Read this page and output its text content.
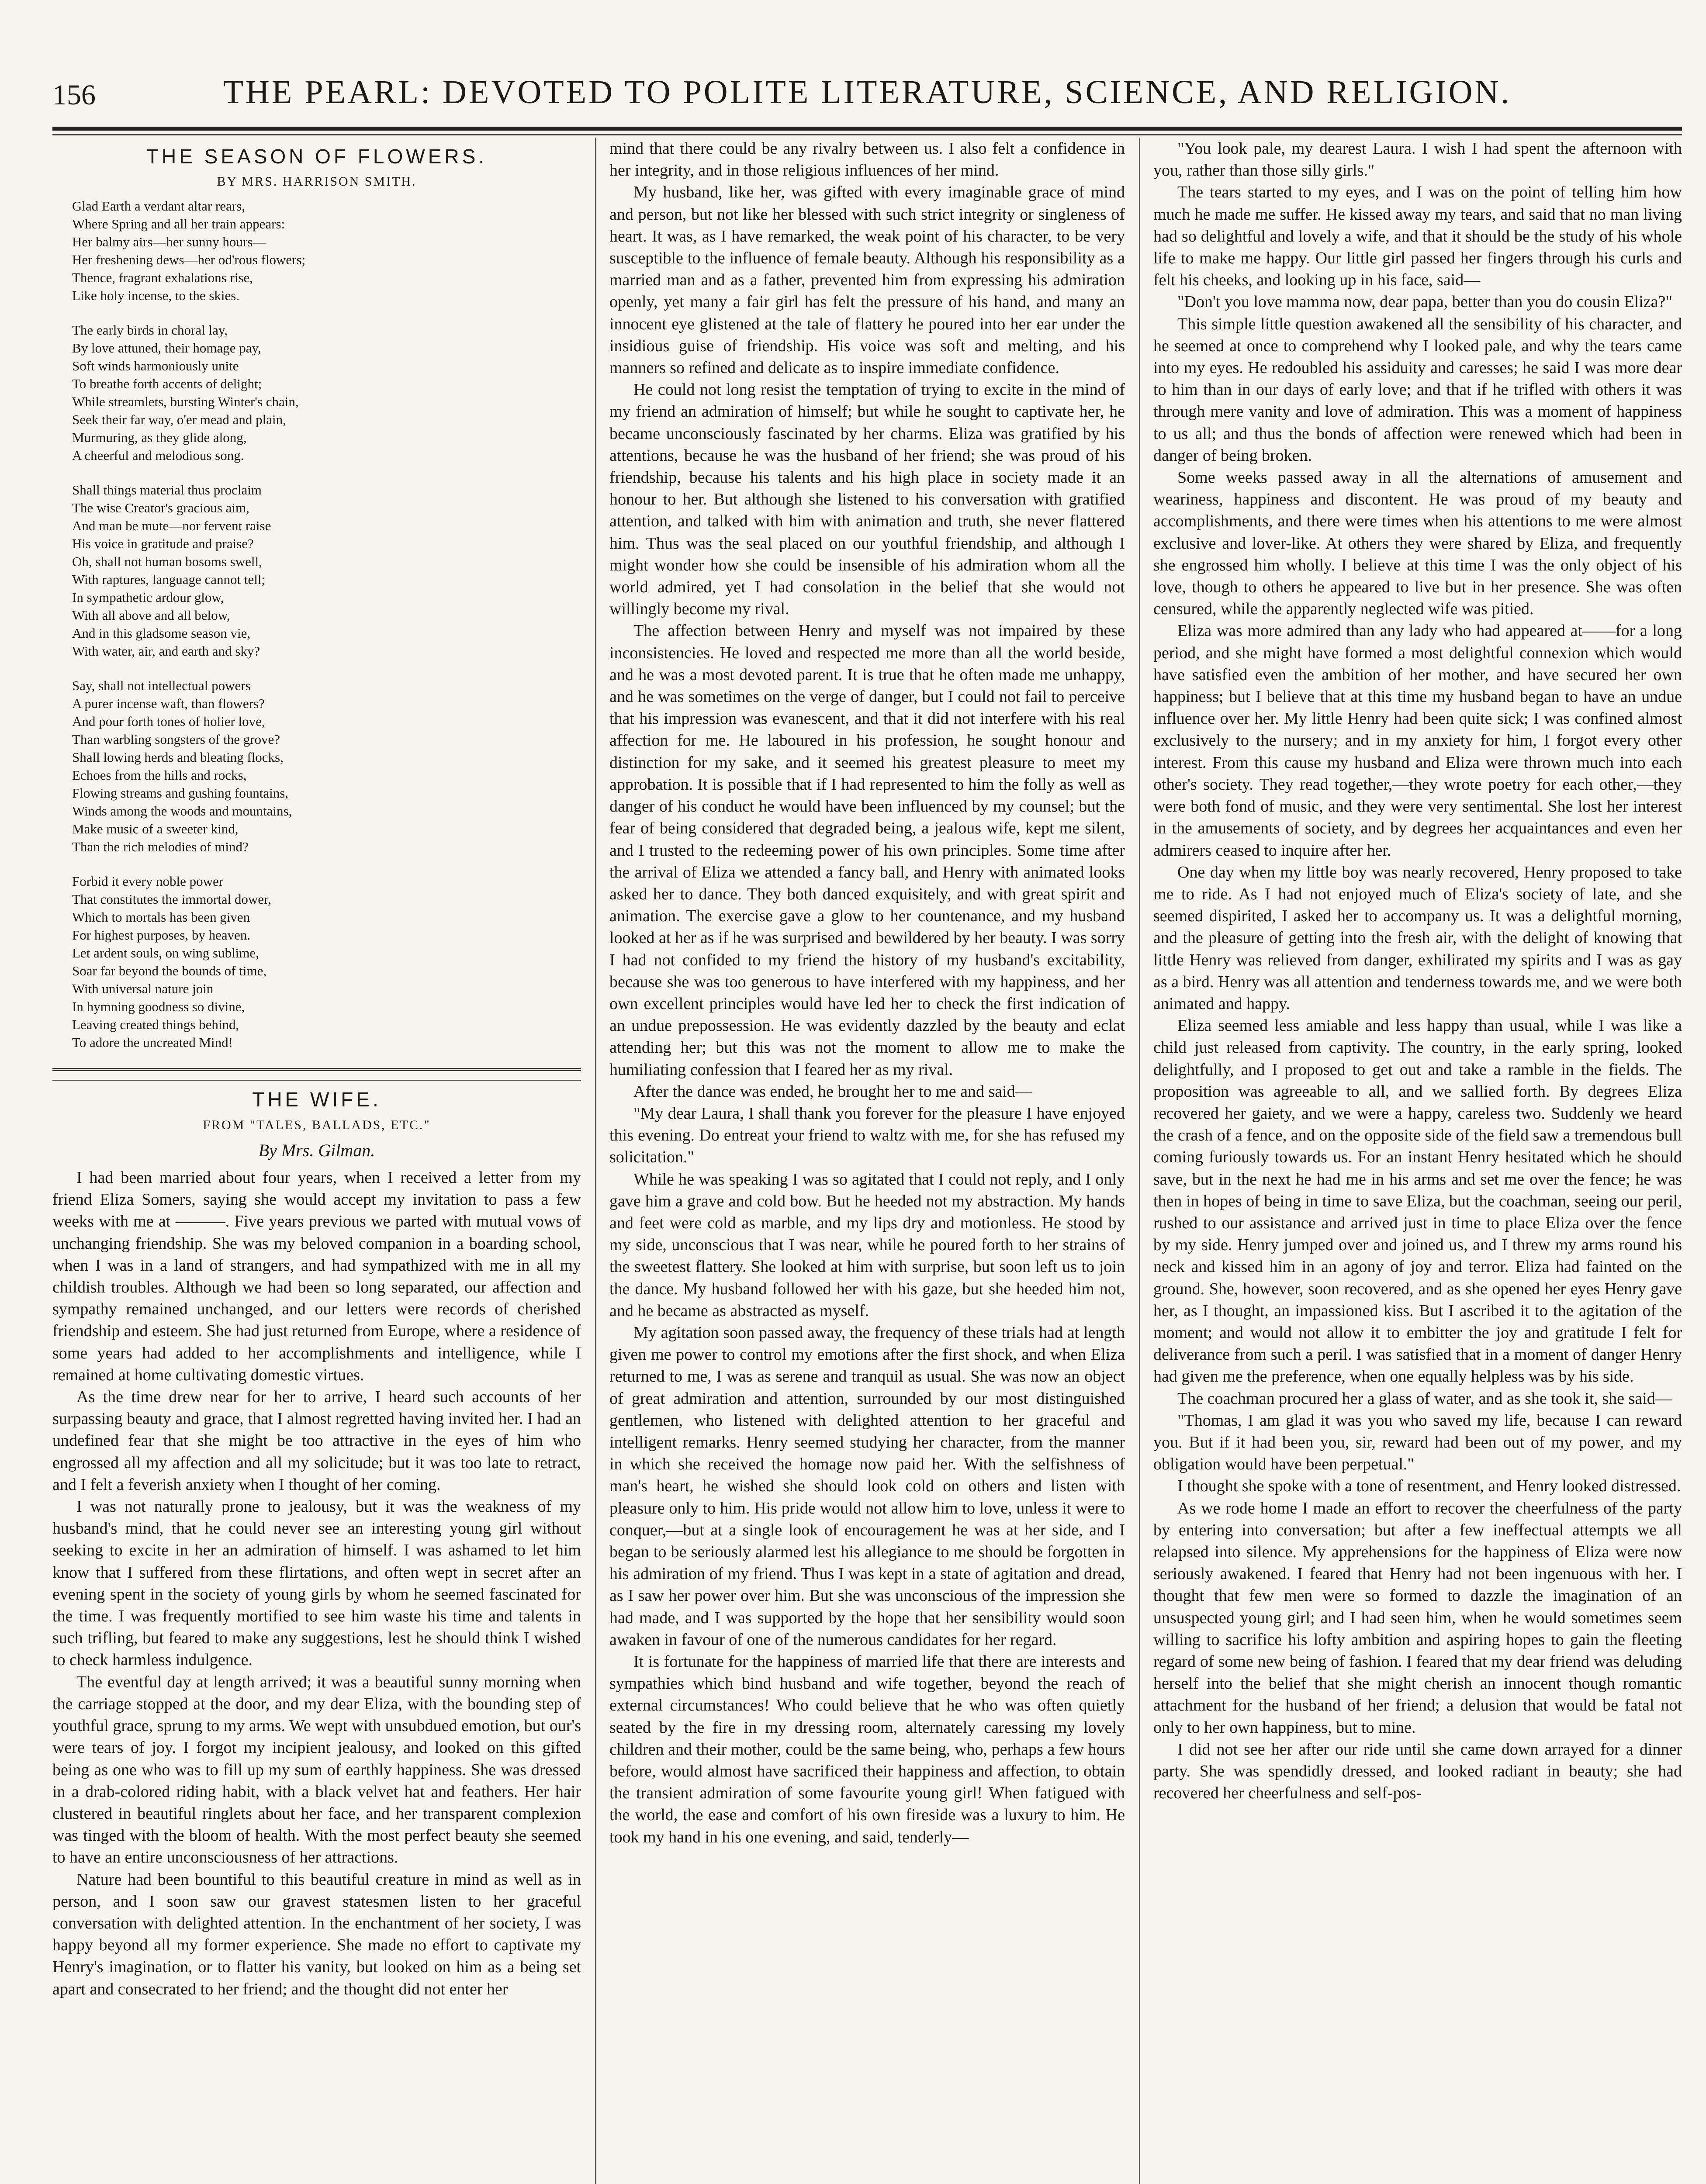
156	THE PEARL: DEVOTED TO POLITE LITERATURE, SCIENCE, AND RELIGION.
THE SEASON OF FLOWERS.
BY MRS. HARRISON SMITH.
Glad Earth a verdant altar rears,
Where Spring and all her train appears:
Her balmy airs—her sunny hours—
Her freshening dews—her od'rous flowers;
Thence, fragrant exhalations rise,
Like holy incense, to the skies.
The early birds in choral lay,
By love attuned, their homage pay,
Soft winds harmoniously unite
To breathe forth accents of delight;
While streamlets, bursting Winter's chain,
Seek their far way, o'er mead and plain,
Murmuring, as they glide along,
A cheerful and melodious song.
Shall things material thus proclaim
The wise Creator's gracious aim,
And man be mute—nor fervent raise
His voice in gratitude and praise?
Oh, shall not human bosoms swell,
With raptures, language cannot tell;
In sympathetic ardour glow,
With all above and all below,
And in this gladsome season vie,
With water, air, and earth and sky?
Say, shall not intellectual powers
A purer incense waft, than flowers?
And pour forth tones of holier love,
Than warbling songsters of the grove?
Shall lowing herds and bleating flocks,
Echoes from the hills and rocks,
Flowing streams and gushing fountains,
Winds among the woods and mountains,
Make music of a sweeter kind,
Than the rich melodies of mind?
Forbid it every noble power
That constitutes the immortal dower,
Which to mortals has been given
For highest purposes, by heaven.
Let ardent souls, on wing sublime,
Soar far beyond the bounds of time,
With universal nature join
In hymning goodness so divine,
Leaving created things behind,
To adore the uncreated Mind!
THE WIFE.
FROM "TALES, BALLADS, ETC."
By Mrs. Gilman.

I had been married about four years, when I received a letter from my friend Eliza Somers, saying she would accept my invitation to pass a few weeks with me at ———. Five years previous we parted with mutual vows of unchanging friendship. She was my beloved companion in a boarding school, when I was in a land of strangers, and had sympathized with me in all my childish troubles. Although we had been so long separated, our affection and sympathy remained unchanged, and our letters were records of cherished friendship and esteem. She had just returned from Europe, where a residence of some years had added to her accomplishments and intelligence, while I remained at home cultivating domestic virtues.

As the time drew near for her to arrive, I heard such accounts of her surpassing beauty and grace, that I almost regretted having invited her. I had an undefined fear that she might be too attractive in the eyes of him who engrossed all my affection and all my solicitude; but it was too late to retract, and I felt a feverish anxiety when I thought of her coming.

I was not naturally prone to jealousy, but it was the weakness of my husband's mind, that he could never see an interesting young girl without seeking to excite in her an admiration of himself. I was ashamed to let him know that I suffered from these flirtations, and often wept in secret after an evening spent in the society of young girls by whom he seemed fascinated for the time. I was frequently mortified to see him waste his time and talents in such trifling, but feared to make any suggestions, lest he should think I wished to check harmless indulgence.

The eventful day at length arrived; it was a beautiful sunny morning when the carriage stopped at the door, and my dear Eliza, with the bounding step of youthful grace, sprung to my arms. We wept with unsubdued emotion, but our's were tears of joy. I forgot my incipient jealousy, and looked on this gifted being as one who was to fill up my sum of earthly happiness. She was dressed in a drab-colored riding habit, with a black velvet hat and feathers. Her hair clustered in beautiful ringlets about her face, and her transparent complexion was tinged with the bloom of health. With the most perfect beauty she seemed to have an entire unconsciousness of her attractions.

Nature had been bountiful to this beautiful creature in mind as well as in person, and I soon saw our gravest statesmen listen to her graceful conversation with delighted attention. In the enchantment of her society, I was happy beyond all my former experience. She made no effort to captivate my Henry's imagination, or to flatter his vanity, but looked on him as a being set apart and consecrated to her friend; and the thought did not enter her

mind that there could be any rivalry between us. I also felt a confidence in her integrity, and in those religious influences of her mind.

My husband, like her, was gifted with every imaginable grace of mind and person, but not like her blessed with such strict integrity or singleness of heart. It was, as I have remarked, the weak point of his character, to be very susceptible to the influence of female beauty. Although his responsibility as a married man and as a father, prevented him from expressing his admiration openly, yet many a fair girl has felt the pressure of his hand, and many an innocent eye glistened at the tale of flattery he poured into her ear under the insidious guise of friendship. His voice was soft and melting, and his manners so refined and delicate as to inspire immediate confidence.

He could not long resist the temptation of trying to excite in the mind of my friend an admiration of himself; but while he sought to captivate her, he became unconsciously fascinated by her charms. Eliza was gratified by his attentions, because he was the husband of her friend; she was proud of his friendship, because his talents and his high place in society made it an honour to her. But although she listened to his conversation with gratified attention, and talked with him with animation and truth, she never flattered him. Thus was the seal placed on our youthful friendship, and although I might wonder how she could be insensible of his admiration whom all the world admired, yet I had consolation in the belief that she would not willingly become my rival.

The affection between Henry and myself was not impaired by these inconsistencies. He loved and respected me more than all the world beside, and he was a most devoted parent. It is true that he often made me unhappy, and he was sometimes on the verge of danger, but I could not fail to perceive that his impression was evanescent, and that it did not interfere with his real affection for me. He laboured in his profession, he sought honour and distinction for my sake, and it seemed his greatest pleasure to meet my approbation. It is possible that if I had represented to him the folly as well as danger of his conduct he would have been influenced by my counsel; but the fear of being considered that degraded being, a jealous wife, kept me silent, and I trusted to the redeeming power of his own principles. Some time after the arrival of Eliza we attended a fancy ball, and Henry with animated looks asked her to dance. They both danced exquisitely, and with great spirit and animation. The exercise gave a glow to her countenance, and my husband looked at her as if he was surprised and bewildered by her beauty. I was sorry I had not confided to my friend the history of my husband's excitability, because she was too generous to have interfered with my happiness, and her own excellent principles would have led her to check the first indication of an undue prepossession. He was evidently dazzled by the beauty and eclat attending her; but this was not the moment to allow me to make the humiliating confession that I feared her as my rival.

After the dance was ended, he brought her to me and said—

"My dear Laura, I shall thank you forever for the pleasure I have enjoyed this evening. Do entreat your friend to waltz with me, for she has refused my solicitation."

While he was speaking I was so agitated that I could not reply, and I only gave him a grave and cold bow. But he heeded not my abstraction. My hands and feet were cold as marble, and my lips dry and motionless. He stood by my side, unconscious that I was near, while he poured forth to her strains of the sweetest flattery. She looked at him with surprise, but soon left us to join the dance. My husband followed her with his gaze, but she heeded him not, and he became as abstracted as myself.

My agitation soon passed away, the frequency of these trials had at length given me power to control my emotions after the first shock, and when Eliza returned to me, I was as serene and tranquil as usual. She was now an object of great admiration and attention, surrounded by our most distinguished gentlemen, who listened with delighted attention to her graceful and intelligent remarks. Henry seemed studying her character, from the manner in which she received the homage now paid her. With the selfishness of man's heart, he wished she should look cold on others and listen with pleasure only to him. His pride would not allow him to love, unless it were to conquer,—but at a single look of encouragement he was at her side, and I began to be seriously alarmed lest his allegiance to me should be forgotten in his admiration of my friend. Thus I was kept in a state of agitation and dread, as I saw her power over him. But she was unconscious of the impression she had made, and I was supported by the hope that her sensibility would soon awaken in favour of one of the numerous candidates for her regard.

It is fortunate for the happiness of married life that there are interests and sympathies which bind husband and wife together, beyond the reach of external circumstances! Who could believe that he who was often quietly seated by the fire in my dressing room, alternately caressing my lovely children and their mother, could be the same being, who, perhaps a few hours before, would almost have sacrificed their happiness and affection, to obtain the transient admiration of some favourite young girl! When fatigued with the world, the ease and comfort of his own fireside was a luxury to him. He took my hand in his one evening, and said, tenderly—

"You look pale, my dearest Laura. I wish I had spent the afternoon with you, rather than those silly girls."

The tears started to my eyes, and I was on the point of telling him how much he made me suffer. He kissed away my tears, and said that no man living had so delightful and lovely a wife, and that it should be the study of his whole life to make me happy. Our little girl passed her fingers through his curls and felt his cheeks, and looking up in his face, said—

"Don't you love mamma now, dear papa, better than you do cousin Eliza?"

This simple little question awakened all the sensibility of his character, and he seemed at once to comprehend why I looked pale, and why the tears came into my eyes. He redoubled his assiduity and caresses; he said I was more dear to him than in our days of early love; and that if he trifled with others it was through mere vanity and love of admiration. This was a moment of happiness to us all; and thus the bonds of affection were renewed which had been in danger of being broken.

Some weeks passed away in all the alternations of amusement and weariness, happiness and discontent. He was proud of my beauty and accomplishments, and there were times when his attentions to me were almost exclusive and lover-like. At others they were shared by Eliza, and frequently she engrossed him wholly. I believe at this time I was the only object of his love, though to others he appeared to live but in her presence. She was often censured, while the apparently neglected wife was pitied.

Eliza was more admired than any lady who had appeared at——for a long period, and she might have formed a most delightful connexion which would have satisfied even the ambition of her mother, and have secured her own happiness; but I believe that at this time my husband began to have an undue influence over her. My little Henry had been quite sick; I was confined almost exclusively to the nursery; and in my anxiety for him, I forgot every other interest. From this cause my husband and Eliza were thrown much into each other's society. They read together,—they wrote poetry for each other,—they were both fond of music, and they were very sentimental. She lost her interest in the amusements of society, and by degrees her acquaintances and even her admirers ceased to inquire after her.

One day when my little boy was nearly recovered, Henry proposed to take me to ride. As I had not enjoyed much of Eliza's society of late, and she seemed dispirited, I asked her to accompany us. It was a delightful morning, and the pleasure of getting into the fresh air, with the delight of knowing that little Henry was relieved from danger, exhilirated my spirits and I was as gay as a bird. Henry was all attention and tenderness towards me, and we were both animated and happy.

Eliza seemed less amiable and less happy than usual, while I was like a child just released from captivity. The country, in the early spring, looked delightfully, and I proposed to get out and take a ramble in the fields. The proposition was agreeable to all, and we sallied forth. By degrees Eliza recovered her gaiety, and we were a happy, careless two. Suddenly we heard the crash of a fence, and on the opposite side of the field saw a tremendous bull coming furiously towards us. For an instant Henry hesitated which he should save, but in the next he had me in his arms and set me over the fence; he was then in hopes of being in time to save Eliza, but the coachman, seeing our peril, rushed to our assistance and arrived just in time to place Eliza over the fence by my side. Henry jumped over and joined us, and I threw my arms round his neck and kissed him in an agony of joy and terror. Eliza had fainted on the ground. She, however, soon recovered, and as she opened her eyes Henry gave her, as I thought, an impassioned kiss. But I ascribed it to the agitation of the moment; and would not allow it to embitter the joy and gratitude I felt for deliverance from such a peril. I was satisfied that in a moment of danger Henry had given me the preference, when one equally helpless was by his side.

The coachman procured her a glass of water, and as she took it, she said—

"Thomas, I am glad it was you who saved my life, because I can reward you. But if it had been you, sir, reward had been out of my power, and my obligation would have been perpetual."

I thought she spoke with a tone of resentment, and Henry looked distressed.

As we rode home I made an effort to recover the cheerfulness of the party by entering into conversation; but after a few ineffectual attempts we all relapsed into silence. My apprehensions for the happiness of Eliza were now seriously awakened. I feared that Henry had not been ingenuous with her. I thought that few men were so formed to dazzle the imagination of an unsuspected young girl; and I had seen him, when he would sometimes seem willing to sacrifice his lofty ambition and aspiring hopes to gain the fleeting regard of some new being of fashion. I feared that my dear friend was deluding herself into the belief that she might cherish an innocent though romantic attachment for the husband of her friend; a delusion that would be fatal not only to her own happiness, but to mine.

I did not see her after our ride until she came down arrayed for a dinner party. She was spendidly dressed, and looked radiant in beauty; she had recovered her cheerfulness and self-pos-
